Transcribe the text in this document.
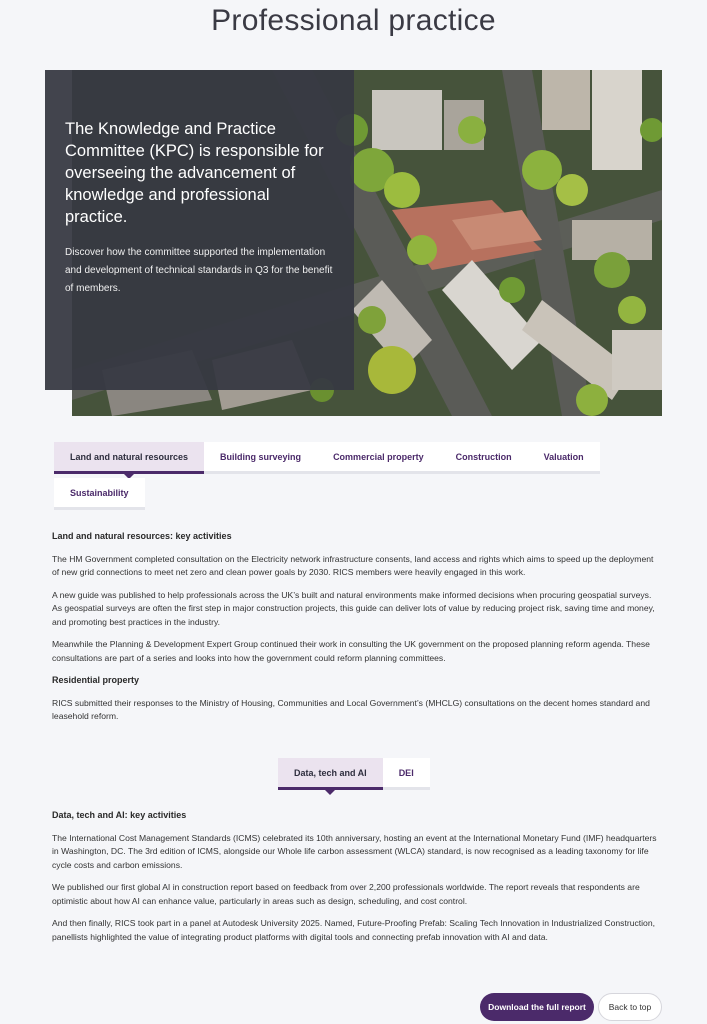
Professional practice

The Knowledge and Practice Committee (KPC) is responsible for overseeing the advancement of knowledge and professional practice.

Discover how the committee supported the implementation and development of technical standards in Q3 for the benefit of members.

Land and natural resources	Building surveying	Commercial property	Construction	Valuation
Sustainability
Land and natural resources: key activities

The HM Government completed consultation on the Electricity network infrastructure consents, land access and rights which aims to speed up the deployment of new grid connections to meet net zero and clean power goals by 2030. RICS members were heavily engaged in this work.

A new guide was published to help professionals across the UK’s built and natural environments make informed decisions when procuring geospatial surveys. As geospatial surveys are often the first step in major construction projects, this guide can deliver lots of value by reducing project risk, saving time and money, and promoting best practices in the industry.

Meanwhile the Planning & Development Expert Group continued their work in consulting the UK government on the proposed planning reform agenda. These consultations are part of a series and looks into how the government could reform planning committees.

Residential property

RICS submitted their responses to the Ministry of Housing, Communities and Local Government’s (MHCLG) consultations on the decent homes standard and leasehold reform.

Data, tech and AI	DEI
Data, tech and AI: key activities

The International Cost Management Standards (ICMS) celebrated its 10th anniversary, hosting an event at the International Monetary Fund (IMF) headquarters in Washington, DC. The 3rd edition of ICMS, alongside our Whole life carbon assessment (WLCA) standard, is now recognised as a leading taxonomy for life cycle costs and carbon emissions.

We published our first global AI in construction report based on feedback from over 2,200 professionals worldwide. The report reveals that respondents are optimistic about how AI can enhance value, particularly in areas such as design, scheduling, and cost control.

And then finally, RICS took part in a panel at Autodesk University 2025. Named, Future-Proofing Prefab: Scaling Tech Innovation in Industrialized Construction, panellists highlighted the value of integrating product platforms with digital tools and connecting prefab innovation with AI and data.

Download the full report	Back to top
